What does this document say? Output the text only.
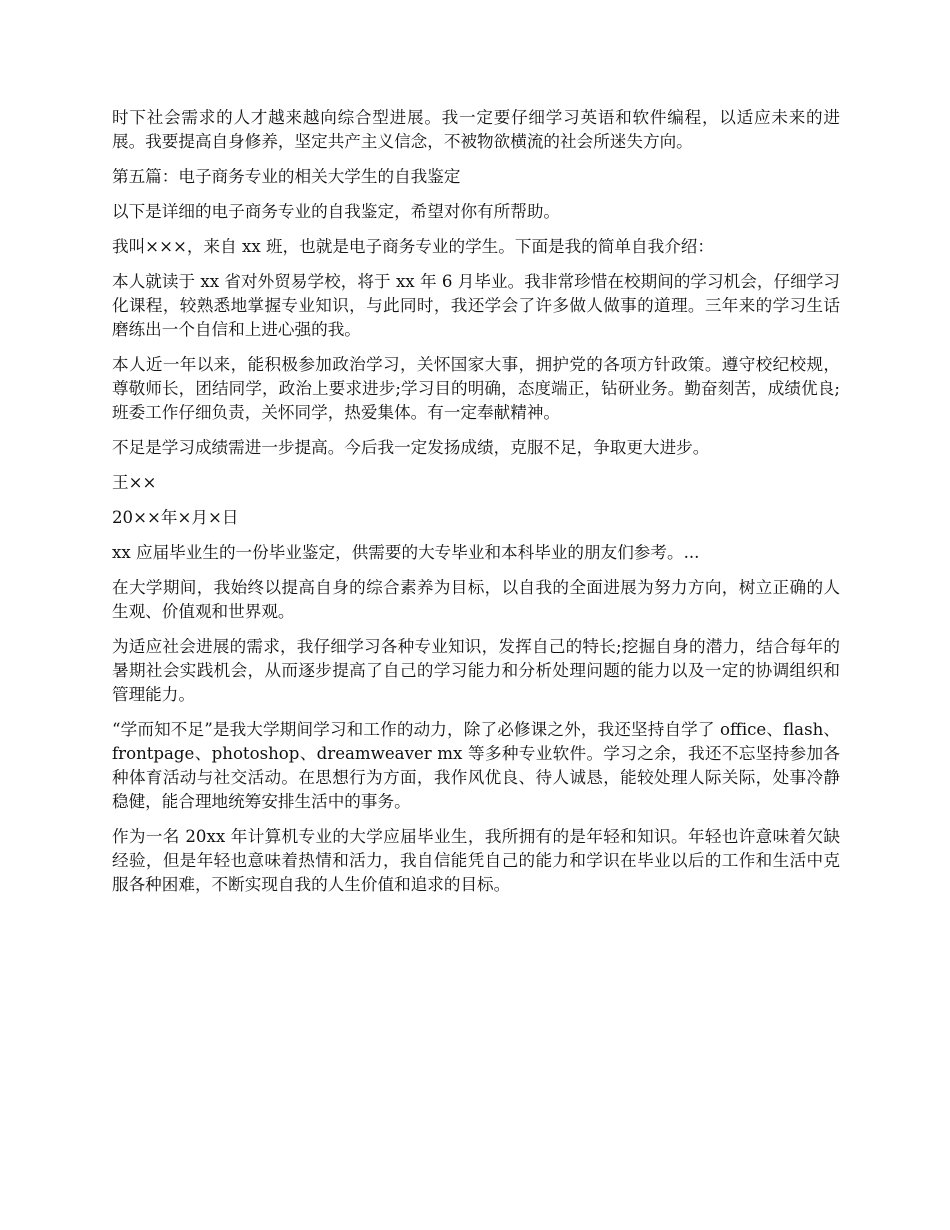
时下社会需求的人才越来越向综合型进展。我一定要仔细学习英语和软件编程，以适应未来的进展。我要提高自身修养，坚定共产主义信念，不被物欲横流的社会所迷失方向。

第五篇：电子商务专业的相关大学生的自我鉴定

以下是详细的电子商务专业的自我鉴定，希望对你有所帮助。

我叫×××，来自 xx 班，也就是电子商务专业的学生。下面是我的简单自我介绍：

本人就读于 xx 省对外贸易学校，将于 xx 年 6 月毕业。我非常珍惜在校期间的学习机会，仔细学习化课程，较熟悉地掌握专业知识，与此同时，我还学会了许多做人做事的道理。三年来的学习生话磨练出一个自信和上进心强的我。

本人近一年以来，能积极参加政治学习，关怀国家大事，拥护党的各项方针政策。遵守校纪校规，尊敬师长，团结同学，政治上要求进步;学习目的明确，态度端正，钻研业务。勤奋刻苦，成绩优良;班委工作仔细负责，关怀同学，热爱集体。有一定奉献精神。

不足是学习成绩需进一步提高。今后我一定发扬成绩，克服不足，争取更大进步。

王××

20××年×月×日

xx 应届毕业生的一份毕业鉴定，供需要的大专毕业和本科毕业的朋友们参考。...

在大学期间，我始终以提高自身的综合素养为目标，以自我的全面进展为努力方向，树立正确的人生观、价值观和世界观。

为适应社会进展的需求，我仔细学习各种专业知识，发挥自己的特长;挖掘自身的潜力，结合每年的暑期社会实践机会，从而逐步提高了自己的学习能力和分析处理问题的能力以及一定的协调组织和管理能力。

“学而知不足”是我大学期间学习和工作的动力，除了必修课之外，我还坚持自学了 office、flash、frontpage、photoshop、dreamweaver mx 等多种专业软件。学习之余，我还不忘坚持参加各种体育活动与社交活动。在思想行为方面，我作风优良、待人诚恳，能较处理人际关际，处事冷静稳健，能合理地统筹安排生活中的事务。

作为一名 20xx 年计算机专业的大学应届毕业生，我所拥有的是年轻和知识。年轻也许意味着欠缺经验，但是年轻也意味着热情和活力，我自信能凭自己的能力和学识在毕业以后的工作和生活中克服各种困难，不断实现自我的人生价值和追求的目标。
